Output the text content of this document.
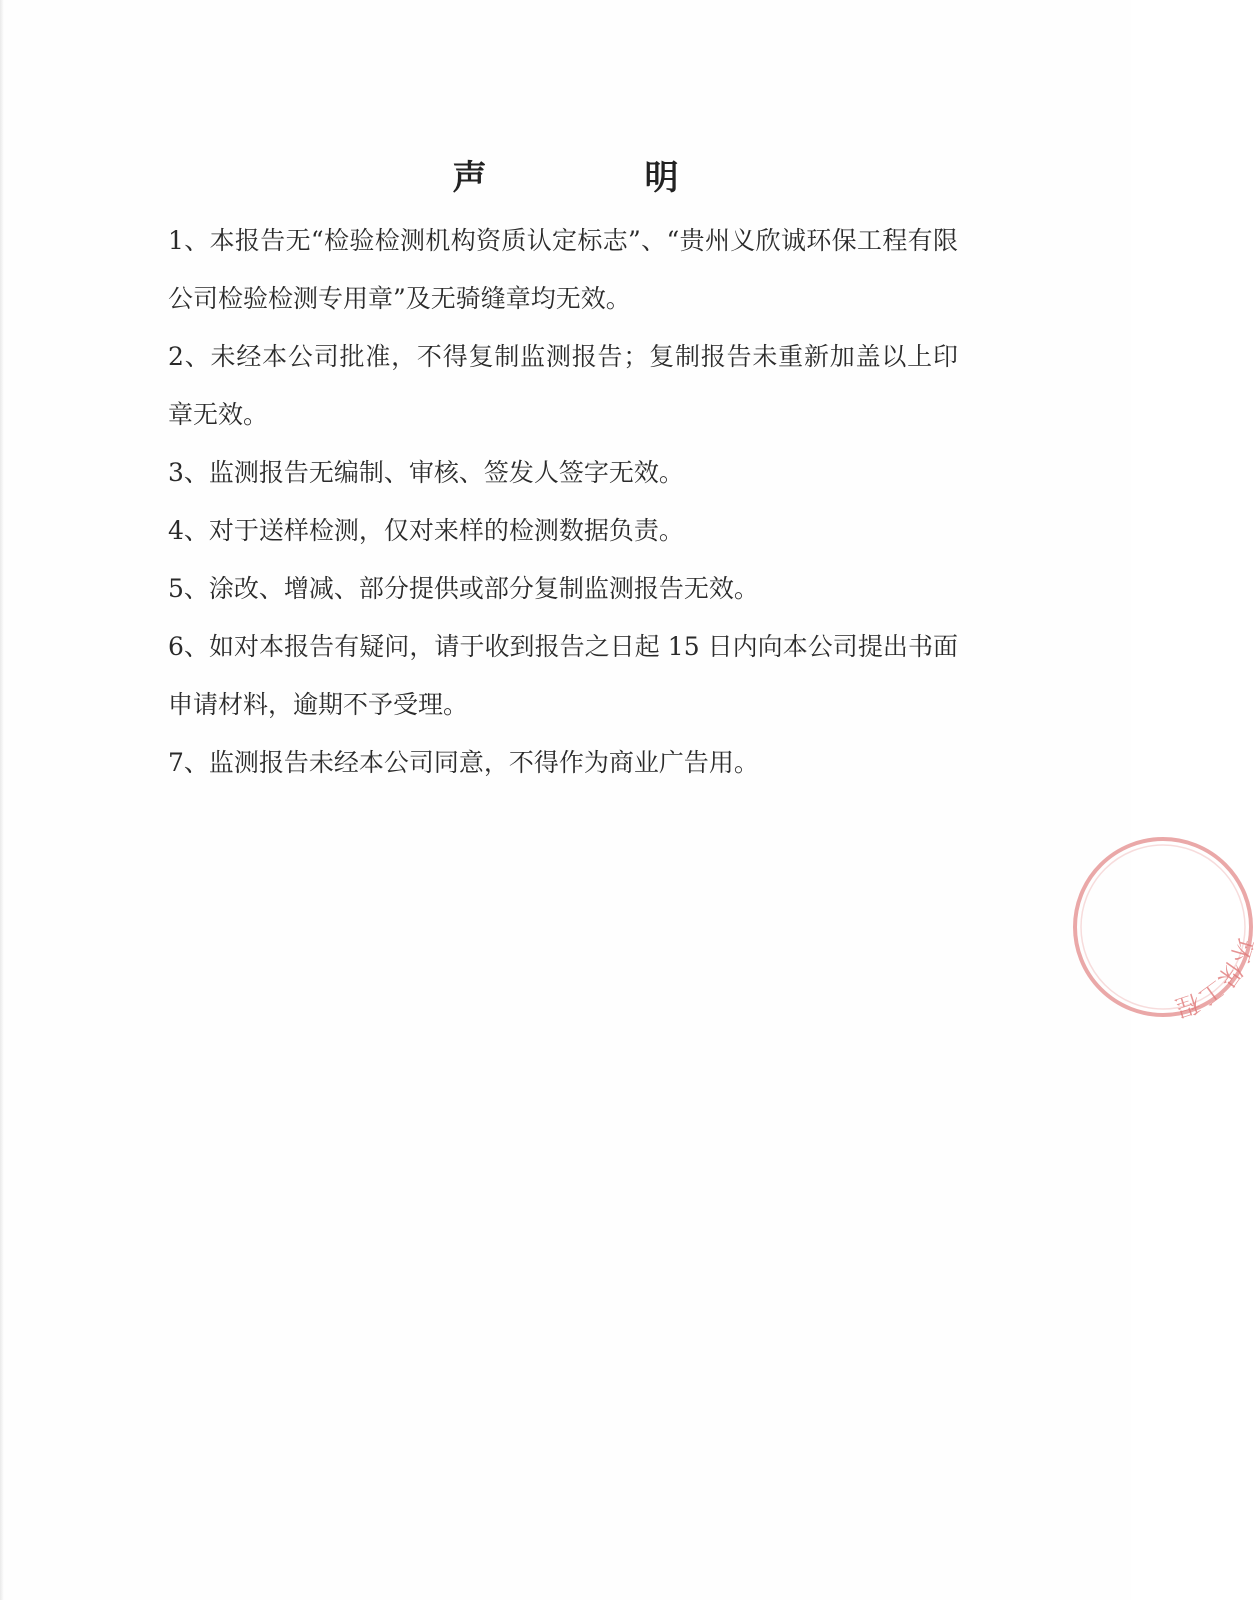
声　明

1、本报告无“检验检测机构资质认定标志”、“贵州义欣诚环保工程有限公司检验检测专用章”及无骑缝章均无效。

2、未经本公司批准，不得复制监测报告；复制报告未重新加盖以上印章无效。

3、监测报告无编制、审核、签发人签字无效。

4、对于送样检测，仅对来样的检测数据负责。

5、涂改、增减、部分提供或部分复制监测报告无效。

6、如对本报告有疑问，请于收到报告之日起 15 日内向本公司提出书面申请材料，逾期不予受理。

7、监测报告未经本公司同意，不得作为商业广告用。

环保工程
